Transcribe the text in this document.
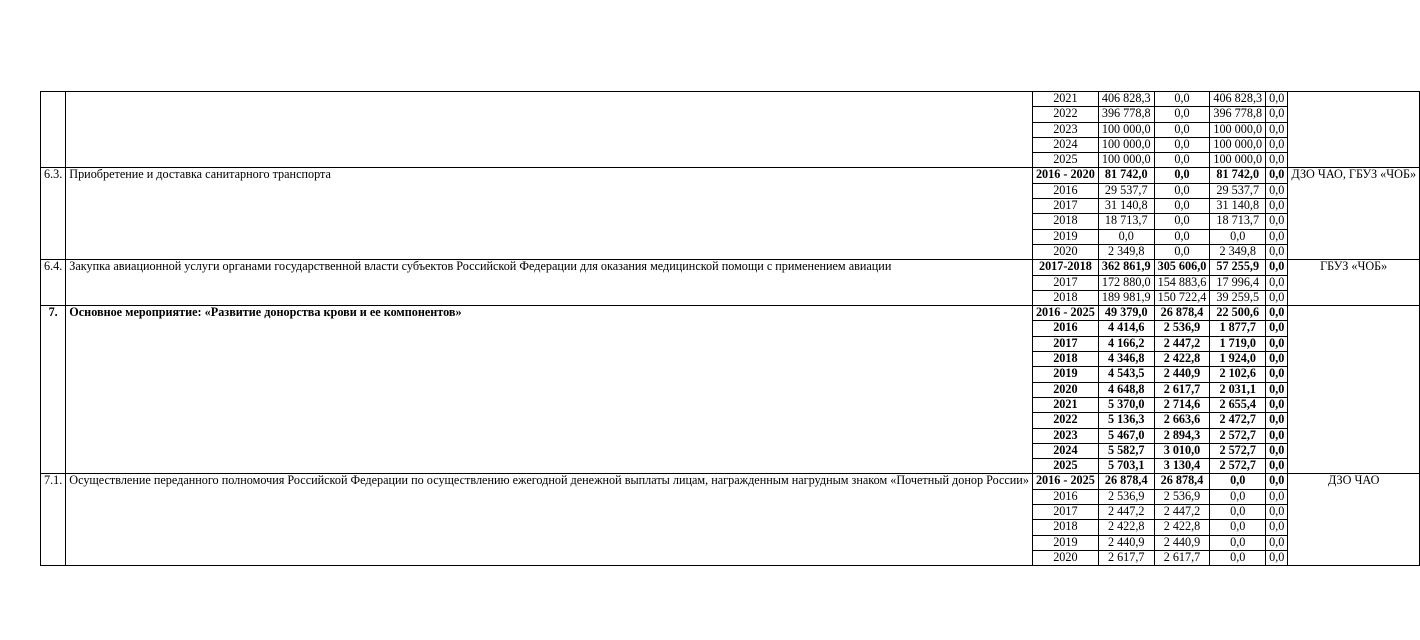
		2021	406 828,3	0,0	406 828,3	0,0	
		2022	396 778,8	0,0	396 778,8	0,0	
		2023	100 000,0	0,0	100 000,0	0,0	
		2024	100 000,0	0,0	100 000,0	0,0	
		2025	100 000,0	0,0	100 000,0	0,0	
6.3.	Приобретение и доставка санитарного транспорта	2016 - 2020	81 742,0	0,0	81 742,0	0,0	ДЗО ЧАО, ГБУЗ «ЧОБ»
		2016	29 537,7	0,0	29 537,7	0,0	
		2017	31 140,8	0,0	31 140,8	0,0	
		2018	18 713,7	0,0	18 713,7	0,0	
		2019	0,0	0,0	0,0	0,0	
		2020	2 349,8	0,0	2 349,8	0,0	
6.4.	Закупка авиационной услуги органами государственной власти субъектов Российской Федерации для оказания медицинской помощи с применением авиации	2017-2018	362 861,9	305 606,0	57 255,9	0,0	ГБУЗ «ЧОБ»
		2017	172 880,0	154 883,6	17 996,4	0,0	
		2018	189 981,9	150 722,4	39 259,5	0,0	
7.	Основное мероприятие: «Развитие донорства крови и ее компонентов»	2016 - 2025	49 379,0	26 878,4	22 500,6	0,0	
		2016	4 414,6	2 536,9	1 877,7	0,0	
		2017	4 166,2	2 447,2	1 719,0	0,0	
		2018	4 346,8	2 422,8	1 924,0	0,0	
		2019	4 543,5	2 440,9	2 102,6	0,0	
		2020	4 648,8	2 617,7	2 031,1	0,0	
		2021	5 370,0	2 714,6	2 655,4	0,0	
		2022	5 136,3	2 663,6	2 472,7	0,0	
		2023	5 467,0	2 894,3	2 572,7	0,0	
		2024	5 582,7	3 010,0	2 572,7	0,0	
		2025	5 703,1	3 130,4	2 572,7	0,0	
7.1.	Осуществление переданного полномочия Российской Федерации по осуществлению ежегодной денежной выплаты лицам, награжденным нагрудным знаком «Почетный донор России»	2016 - 2025	26 878,4	26 878,4	0,0	0,0	ДЗО ЧАО
		2016	2 536,9	2 536,9	0,0	0,0	
		2017	2 447,2	2 447,2	0,0	0,0	
		2018	2 422,8	2 422,8	0,0	0,0	
		2019	2 440,9	2 440,9	0,0	0,0	
		2020	2 617,7	2 617,7	0,0	0,0	
